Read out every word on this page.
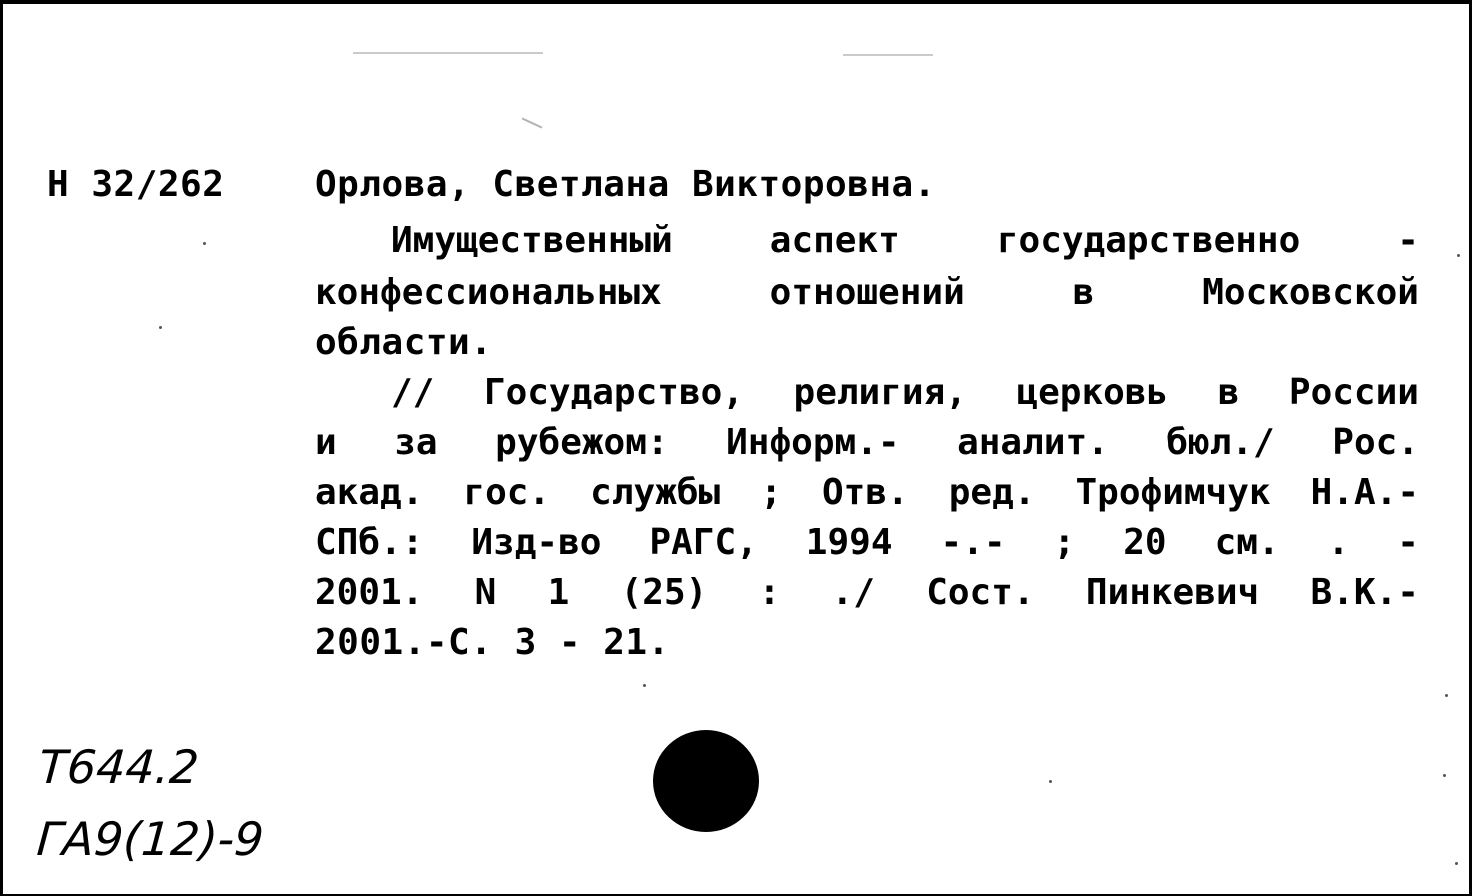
Н 32/262	Орлова, Светлана Викторовна.
Имущественный	аспект	государственно	-
конфессиональных	отношений	в	Московской
области.
// Государство, религия, церковь в России
и за рубежом: Информ.- аналит. бюл./ Рос.
акад. гос. службы ; Отв. ред. Трофимчук Н.А.-
СПб.: Изд-во РАГС, 1994 -.- ; 20 см. . -
2001. N 1 (25) : ./ Сост. Пинкевич В.К.-
2001.-С. 3 - 21.
Т644.2
ГА9(12)-9
